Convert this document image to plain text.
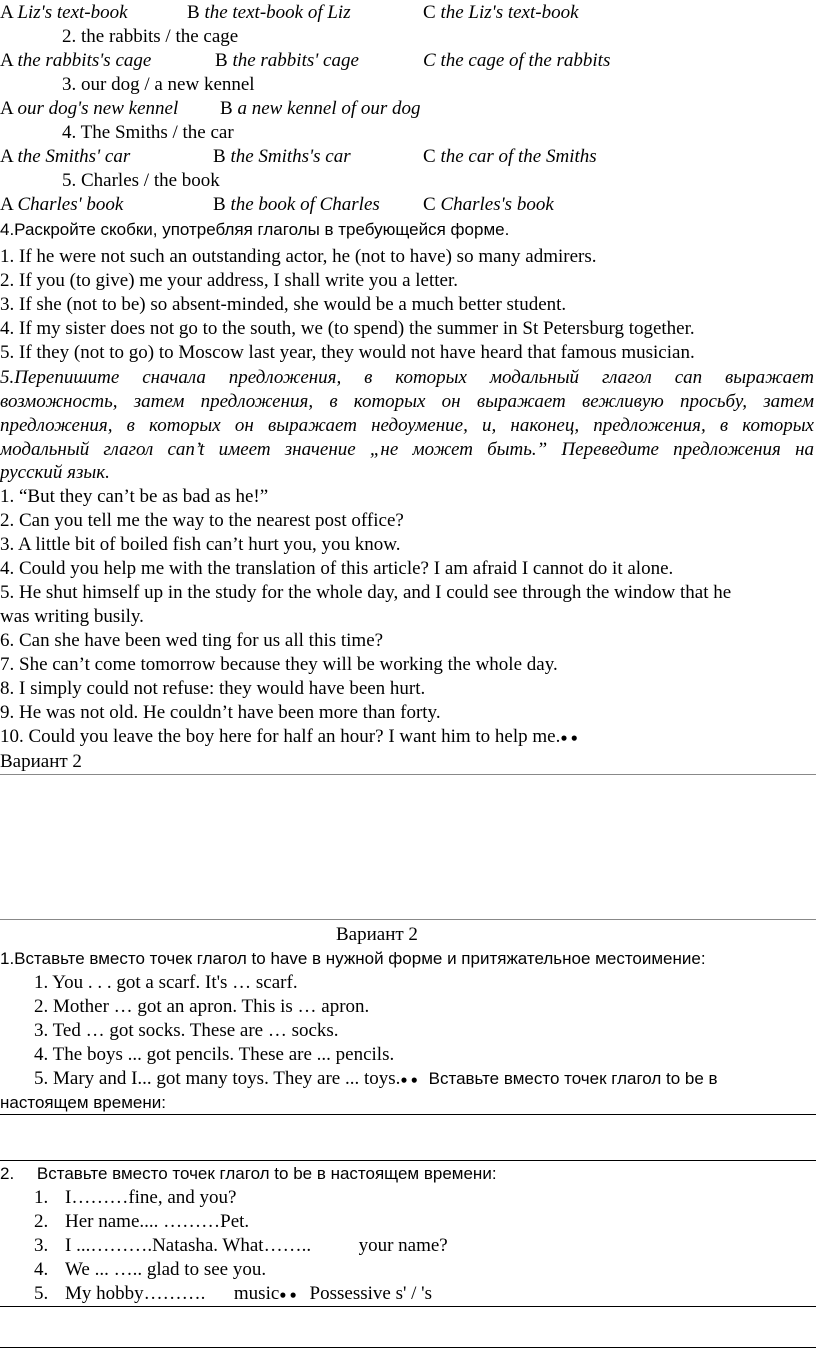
A Liz's text-book	B the text-book of Liz	C the Liz's text-book
2. the rabbits / the cage
A the rabbits's cage	B the rabbits' cage	C the cage of the rabbits
3. our dog / a new kennel
A our dog's new kennel B a new kennel of our dog
4. The Smiths / the car
A the Smiths' car	B the Smiths's car	C the car of the Smiths
5. Charles / the book
A Charles' book	B the book of Charles C Charles's book
4.Раскройте скобки, употребляя глаголы в требующейся форме.
1. If he were not such an outstanding actor, he (not to have) so many admirers.
2. If you (to give) me your address, I shall write you a letter.
3. If she (not to be) so absent-minded, she would be a much better student.
4. If my sister does not go to the south, we (to spend) the summer in St Petersburg together.
5. If they (not to go) to Moscow last year, they would not have heard that famous musician.
5.Перепишите сначала предложения, в которых модальный глагол can выражает
возможность, затем предложения, в которых он выражает вежливую просьбу, затем
предложения, в которых он выражает недоумение, и, наконец, предложения, в которых
модальный глагол can’t имеет значение „не может быть.” Переведите предложения на
русский язык.
1. “But they can’t be as bad as he!”
2. Can you tell me the way to the nearest post office?
3. A little bit of boiled fish can’t hurt you, you know.
4. Could you help me with the translation of this article? I am afraid I cannot do it alone.
5. He shut himself up in the study for the whole day, and I could see through the window that he
was writing busily.
6. Can she have been wed ting for us all this time?
7. She can’t come tomorrow because they will be working the whole day.
8. I simply could not refuse: they would have been hurt.
9. He was not old. He couldn’t have been more than forty.
10. Could you leave the boy here for half an hour? I want him to help me.● ●
Вариант 2
Вариант 2
1.Вставьте вместо точек глагол to have в нужной форме и притяжательное местоимение:
1. You . . . got a scarf. It's … scarf.
2. Mother … got an apron. This is … apron.
3. Ted … got socks. These are … socks.
4. The boys ... got pencils. These are ... pencils.
5. Mary and I... got many toys. They are ... toys.● ● Вставьте вместо точек глагол to be в
настоящем времени:
2. Вставьте вместо точек глагол to be в настоящем времени:
1. I………fine, and you?
2. Her name.... ………Pet.
3. I ...……….Natasha. What……..          your name?
4. We ... ….. glad to see you.
5. My hobby……….      music● ● Possessive s' / 's
